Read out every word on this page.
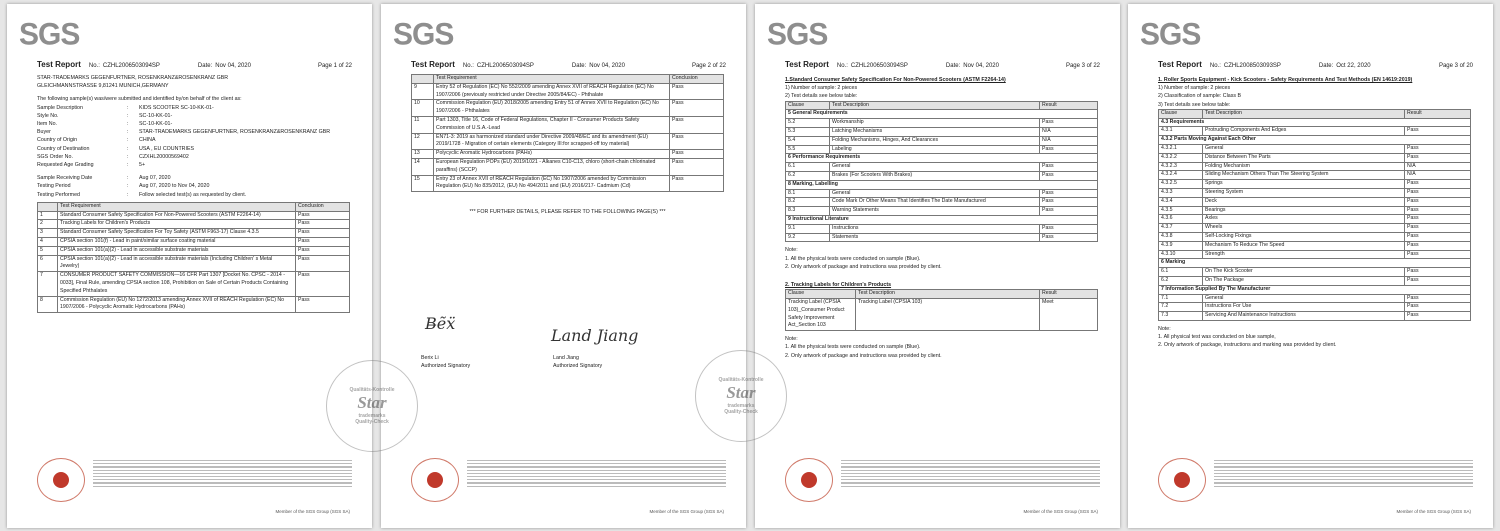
SGS
Test Report No.: CZHL2006503094SP	Date: Nov 04, 2020	Page 1 of 22
STAR-TRADEMARKS GEGENFURTNER, ROSENKRANZ&ROSENKRANZ GBR
GLEICHMANNSTRASSE 9,81241 MUNICH,GERMANY
The following sample(s) was/were submitted and identified by/on behalf of the client as:
Sample Description	:	KIDS SCOOTER SC-10-KK-01-
Style No.	:	SC-10-KK-01-
Item No.	:	SC-10-KK-01-
Buyer	:	STAR-TRADEMARKS GEGENFURTNER, ROSENKRANZ&ROSENKRANZ GBR
Country of Origin	:	CHINA
Country of Destination	:	USA , EU COUNTRIES
SGS Order No.	:	CZXHL20000569402
Requested Age Grading	:	5+
Sample Receiving Date	:	Aug 07, 2020
Testing Period	:	Aug 07, 2020 to Nov 04, 2020
Testing Performed	:	Follow selected test(s) as requested by client.
	Test Requirement	Conclusion
1	Standard Consumer Safety Specification For Non-Powered Scooters (ASTM F2264-14)	Pass
2	Tracking Labels for Children's Products	Pass
3	Standard Consumer Safety Specification For Toy Safety (ASTM F963-17) Clause 4.3.5	Pass
4	CPSIA section 101(f) - Lead in paint/similar surface coating material	Pass
5	CPSIA section 101(a)(2) - Lead in accessible substrate materials	Pass
6	CPSIA section 101(a)(2) - Lead in accessible substrate materials (Including Children' s Metal Jewelry)	Pass
7	CONSUMER PRODUCT SAFETY COMMISSION—16 CFR Part 1307 [Docket No. CPSC - 2014 - 0033], Final Rule, amending CPSIA section 108, Prohibition on Sale of Certain Products Containing Specified Phthalates	Pass
8	Commission Regulation (EU) No 1272/2013 amending Annex XVII of REACH Regulation (EC) No 1907/2006 - Polycyclic Aromatic Hydrocarbons (PAHs)	Pass
Member of the SGS Group (SGS SA)
SGS
Test Report No.: CZHL2006503094SP	Date: Nov 04, 2020	Page 2 of 22
	Test Requirement	Conclusion
9	Entry 52 of Regulation (EC) No 552/2009 amending Annex XVII of REACH Regulation (EC) No 1907/2006 (previously restricted under Directive 2005/84/EC) - Phthalate	Pass
10	Commission Regulation (EU) 2018/2005 amending Entry 51 of Annex XVII to Regulation (EC) No 1907/2006 - Phthalates	Pass
11	Part 1303, Title 16, Code of Federal Regulations, Chapter II - Consumer Products Safety Commission of U.S.A.-Lead	Pass
12	EN71-3: 2019 as harmonized standard under Directive 2009/48/EC and its amendment (EU) 2019/1728 - Migration of certain elements (Category III:for scrapped-off toy material)	Pass
13	Polycyclic Aromatic Hydrocarbons (PAHs)	Pass
14	European Regulation POPs (EU) 2019/1021 - Alkanes C10-C13, chloro (short-chain chlorinated paraffins) (SCCP)	Pass
15	Entry 23 of Annex XVII of REACH Regulation (EC) No 1907/2006 amended by Commission Regulation (EU) No 835/2012, (EU) No 494/2011 and (EU) 2016/217- Cadmium (Cd)	Pass
*** FOR FURTHER DETAILS, PLEASE REFER TO THE FOLLOWING PAGE(S) ***
B̶ẽẍ
Land Jiang
Berix Li
Authorized Signatory
Land Jiang
Authorized Signatory
Member of the SGS Group (SGS SA)
SGS
Test Report No.: CZHL2006503094SP	Date: Nov 04, 2020	Page 3 of 22
1.Standard Consumer Safety Specification For Non-Powered Scooters (ASTM F2264-14)
1) Number of sample: 2 pieces
2) Test details see below table:
Clause	Test Description	Result
5 General Requirements		
5.2	Workmanship	Pass
5.3	Latching Mechanisms	N/A
5.4	Folding Mechanisms, Hinges, And Clearances	N/A
5.5	Labeling	Pass
6 Performance Requirements		
6.1	General	Pass
6.2	Brakes (For Scooters With Brakes)	Pass
8 Marking, Labelling		
8.1	General	Pass
8.2	Code Mark Or Other Means That Identifies The Date Manufactured	Pass
8.3	Warning Statements	Pass
9 Instructional Literature		
9.1	Instructions	Pass
9.2	Statements	Pass
Note:
1. All the physical tests were conducted on sample (Blue).
2. Only artwork of package and instructions was provided by client.
2. Tracking Labels for Children's Products
Clause	Test Description	Result
Tracking Label (CPSIA 103)_Consumer Product Safety Improvement Act_Section 103	Tracking Label (CPSIA 103)	Meet
Note:
1. All the physical tests were conducted on sample (Blue).
2. Only artwork of package and instructions was provided by client.
Member of the SGS Group (SGS SA)
SGS
Test Report No.: CZHL2008503093SP	Date: Oct 22, 2020	Page 3 of 20
1. Roller Sports Equipment - Kick Scooters - Safety Requirements And Test Methods (EN 14619:2019)
1) Number of sample: 2 pieces
2) Classification of sample: Class B
3) Test details see below table:
Clause	Test Description	Result
4.3 Requirements		
4.3.1	Protruding Components And Edges	Pass
4.3.2 Parts Moving Against Each Other		
4.3.2.1	General	Pass
4.3.2.2	Distance Between The Parts	Pass
4.3.2.3	Folding Mechanism	N/A
4.3.2.4	Sliding Mechanism Others Than The Steering System	N/A
4.3.2.5	Springs	Pass
4.3.3	Steering System	Pass
4.3.4	Deck	Pass
4.3.5	Bearings	Pass
4.3.6	Axles	Pass
4.3.7	Wheels	Pass
4.3.8	Self-Locking Fixings	Pass
4.3.9	Mechanism To Reduce The Speed	Pass
4.3.10	Strength	Pass
6 Marking		
6.1	On The Kick Scooter	Pass
6.2	On The Package	Pass
7 Information Supplied By The Manufacturer		
7.1	General	Pass
7.2	Instructions For Use	Pass
7.3	Servicing And Maintenance Instructions	Pass
Note:
1. All physical test was conducted on blue sample,
2. Only artwork of package, instructions and marking was provided by client.
Member of the SGS Group (SGS SA)
Qualitäts-Kontrolle
Star
trademarks
Quality-Check
Qualitäts-Kontrolle
Star
trademarks
Quality-Check
